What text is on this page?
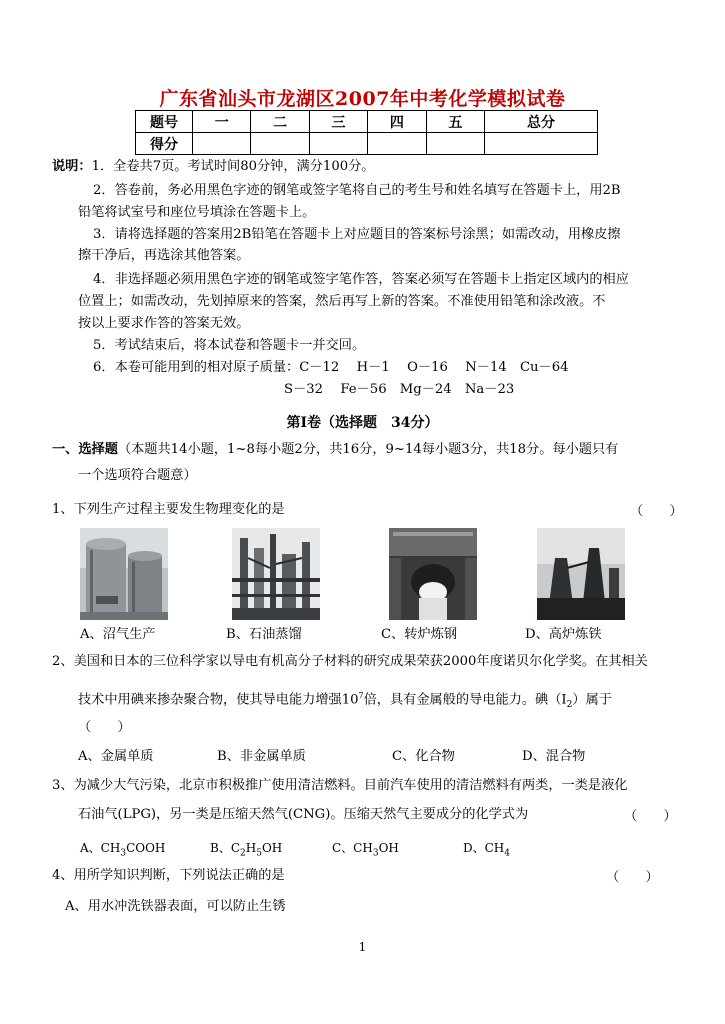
广东省汕头市龙湖区2007年中考化学模拟试卷
题号	一	二	三	四	五	总分
得分						
说明：1．全卷共7页。考试时间80分钟，满分100分。
2．答卷前，务必用黑色字迹的钢笔或签字笔将自己的考生号和姓名填写在答题卡上，用2B
铅笔将试室号和座位号填涂在答题卡上。
3．请将选择题的答案用2B铅笔在答题卡上对应题目的答案标号涂黑；如需改动，用橡皮擦
擦干净后，再选涂其他答案。
4．非选择题必须用黑色字迹的钢笔或签字笔作答，答案必须写在答题卡上指定区域内的相应
位置上；如需改动，先划掉原来的答案，然后再写上新的答案。不准使用铅笔和涂改液。不
按以上要求作答的答案无效。
5．考试结束后，将本试卷和答题卡一并交回。
6．本卷可能用到的相对原子质量：C－12　 H－1　 O－16　 N－14　Cu－64
S－32　 Fe－56　Mg－24　Na－23
第Ⅰ卷（选择题　34分）
一、选择题（本题共14小题，1~8每小题2分，共16分，9~14每小题3分，共18分。每小题只有
一个选项符合题意）
1、下列生产过程主要发生物理变化的是	（　　）
A、沼气生产	B、石油蒸馏	C、转炉炼钢	D、高炉炼铁
2、美国和日本的三位科学家以导电有机高分子材料的研究成果荣获2000年度诺贝尔化学奖。在其相关
技术中用碘来掺杂聚合物，使其导电能力增强$10^7$倍，具有金属般的导电能力。碘$(I_2)$属于
（　　）
A、金属单质	B、非金属单质	C、化合物	D、混合物
3、为减少大气污染，北京市积极推广使用清洁燃料。目前汽车使用的清洁燃料有两类，一类是液化
石油气(LPG)，另一类是压缩天然气(CNG)。压缩天然气主要成分的化学式为	（　　）
A、$CH_3COOH$	B、$C_2H_5OH$	C、$CH_3OH$	D、$CH_4$
4、用所学知识判断，下列说法正确的是	（　　）
A、用水冲洗铁器表面，可以防止生锈
1
